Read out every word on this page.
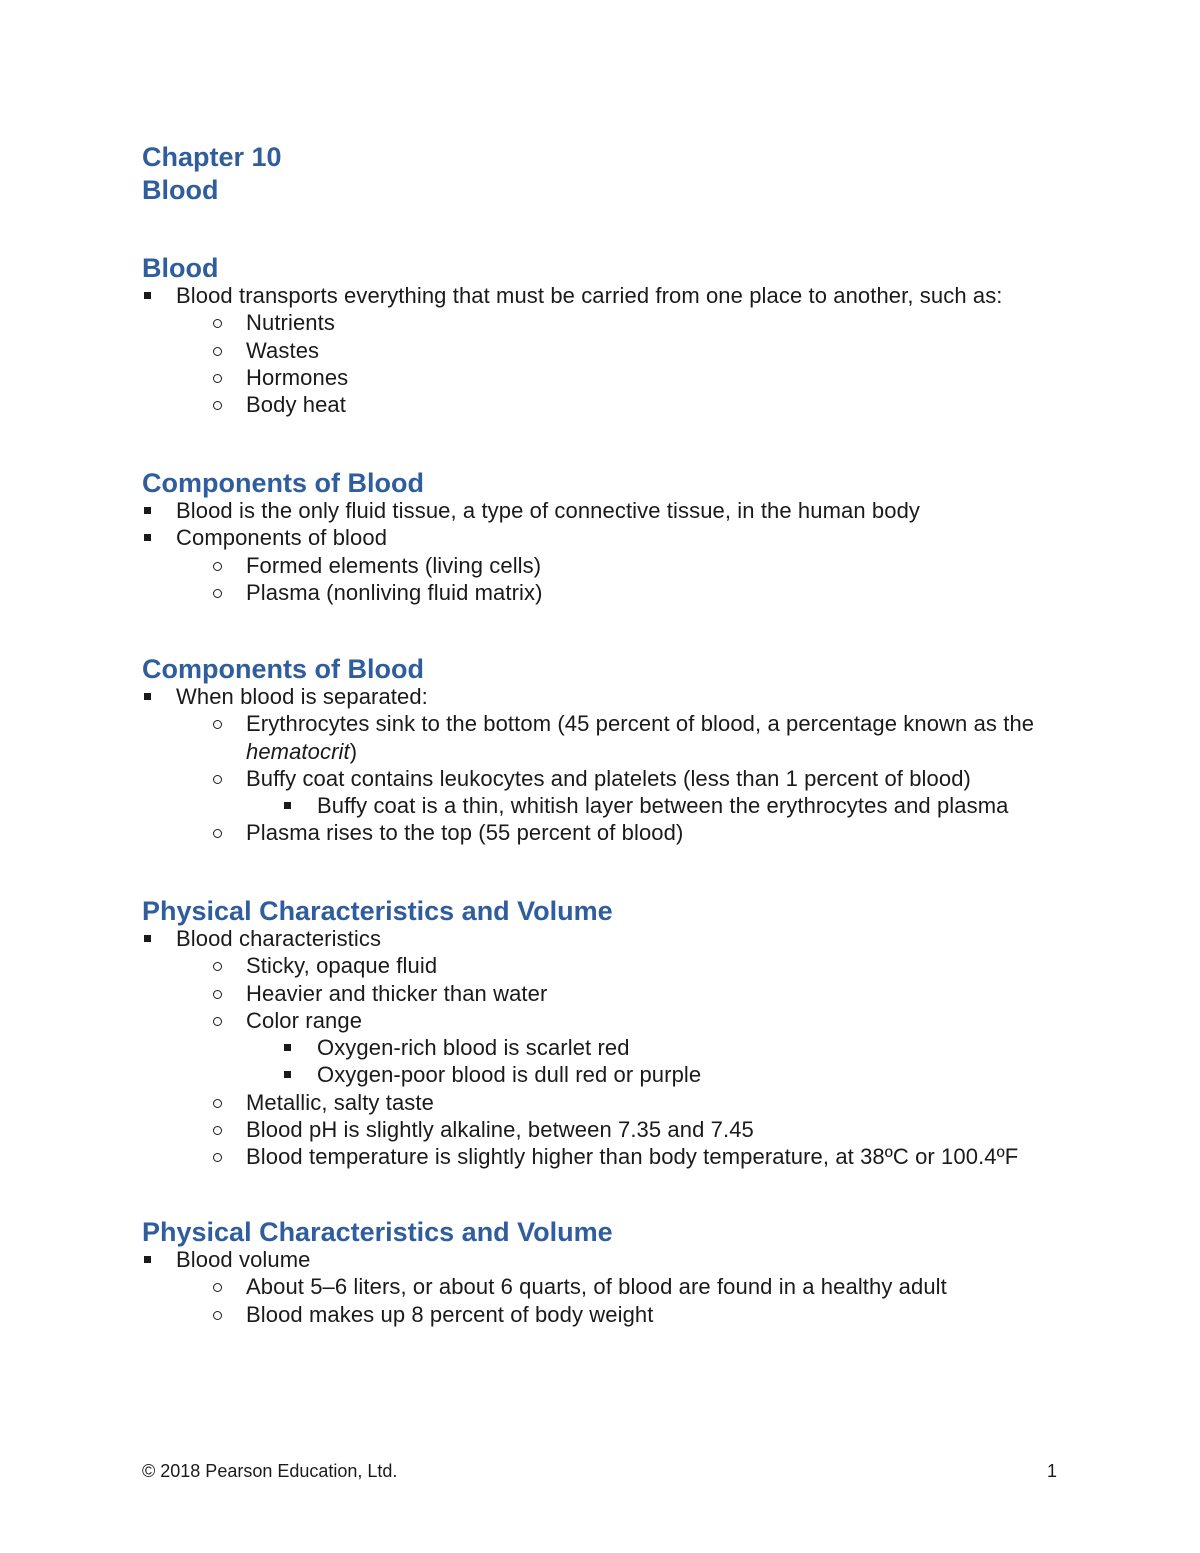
Chapter 10
Blood
Blood
Blood transports everything that must be carried from one place to another, such as:
Nutrients
Wastes
Hormones
Body heat
Components of Blood
Blood is the only fluid tissue, a type of connective tissue, in the human body
Components of blood
Formed elements (living cells)
Plasma (nonliving fluid matrix)
Components of Blood
When blood is separated:
Erythrocytes sink to the bottom (45 percent of blood, a percentage known as the hematocrit)
Buffy coat contains leukocytes and platelets (less than 1 percent of blood)
Buffy coat is a thin, whitish layer between the erythrocytes and plasma
Plasma rises to the top (55 percent of blood)
Physical Characteristics and Volume
Blood characteristics
Sticky, opaque fluid
Heavier and thicker than water
Color range
Oxygen-rich blood is scarlet red
Oxygen-poor blood is dull red or purple
Metallic, salty taste
Blood pH is slightly alkaline, between 7.35 and 7.45
Blood temperature is slightly higher than body temperature, at 38ºC or 100.4ºF
Physical Characteristics and Volume
Blood volume
About 5–6 liters, or about 6 quarts, of blood are found in a healthy adult
Blood makes up 8 percent of body weight
© 2018 Pearson Education, Ltd.	1
